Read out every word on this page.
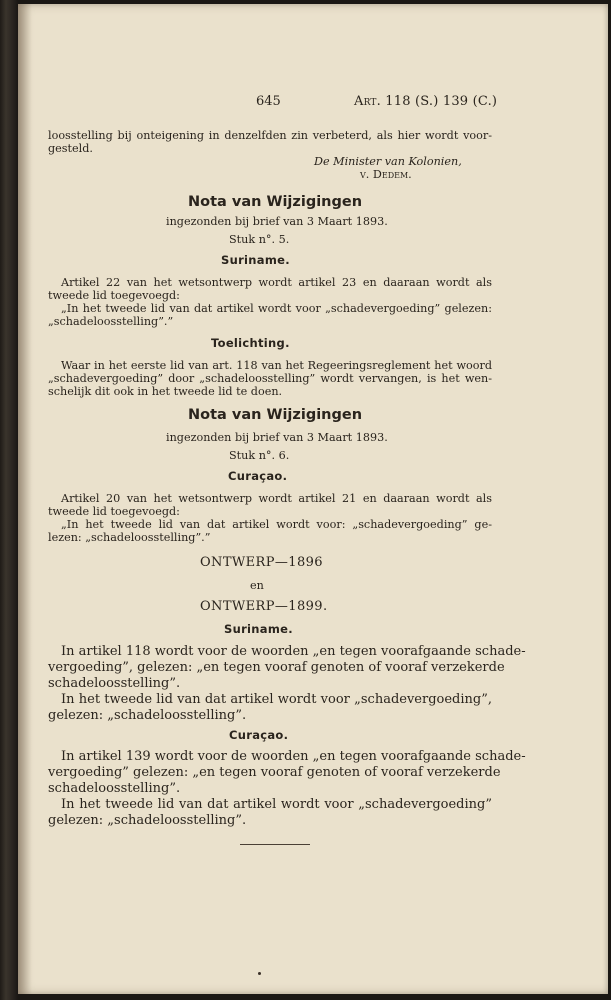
645	Art. 118 (S.) 139 (C.)
loosstelling bij onteigening in denzelfden zin verbeterd, als hier wordt voor-
gesteld.
De Minister van Kolonien,
v. Dedem.
Nota van Wijzigingen
ingezonden bij brief van 3 Maart 1893.
Stuk n°. 5.
Suriname.
Artikel 22 van het wetsontwerp wordt artikel 23 en daaraan wordt als
tweede lid toegevoegd:
„In het tweede lid van dat artikel wordt voor „schadevergoeding” gelezen:
„schadeloosstelling”.”
Toelichting.
Waar in het eerste lid van art. 118 van het Regeeringsreglement het woord
„schadevergoeding” door „schadeloosstelling” wordt vervangen, is het wen-
schelijk dit ook in het tweede lid te doen.
Nota van Wijzigingen
ingezonden bij brief van 3 Maart 1893.
Stuk n°. 6.
Curaçao.
Artikel 20 van het wetsontwerp wordt artikel 21 en daaraan wordt als
tweede lid toegevoegd:
„In het tweede lid van dat artikel wordt voor: „schadevergoeding” ge-
lezen: „schadeloosstelling”.”
ONTWERP—1896
en
ONTWERP—1899.
Suriname.
In artikel 118 wordt voor de woorden „en tegen voorafgaande schade-
vergoeding”, gelezen: „en tegen vooraf genoten of vooraf verzekerde
schadeloosstelling”.
In het tweede lid van dat artikel wordt voor „schadevergoeding”,
gelezen: „schadeloosstelling”.
Curaçao.
In artikel 139 wordt voor de woorden „en tegen voorafgaande schade-
vergoeding” gelezen: „en tegen vooraf genoten of vooraf verzekerde
schadeloosstelling”.
In het tweede lid van dat artikel wordt voor „schadevergoeding”
gelezen: „schadeloosstelling”.
